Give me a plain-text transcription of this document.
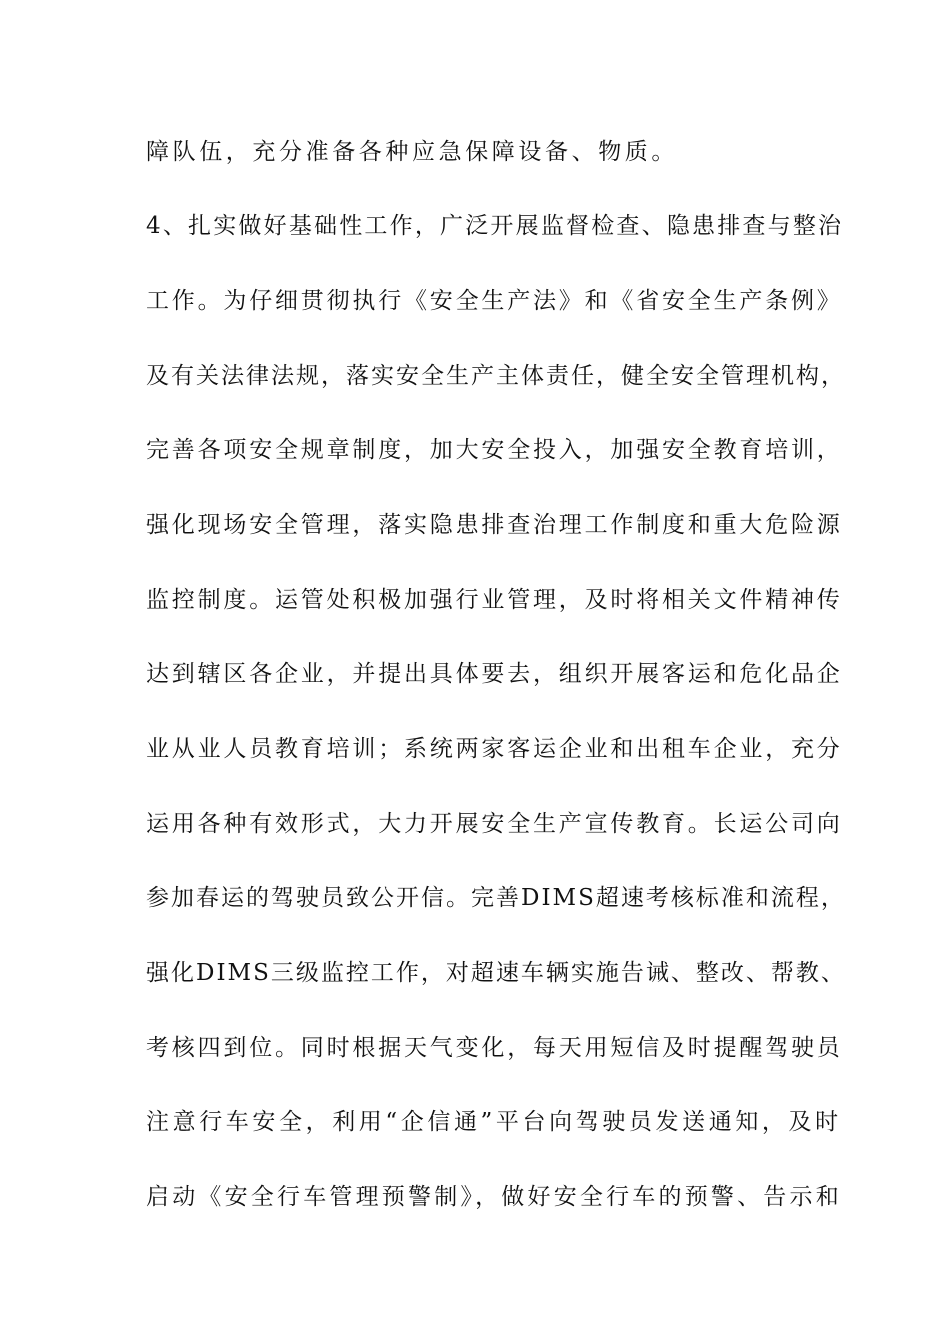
障队伍，充分准备各种应急保障设备、物质。
4、扎实做好基础性工作，广泛开展监督检查、隐患排查与整治
工作。为仔细贯彻执行《安全生产法》和《省安全生产条例》
及有关法律法规，落实安全生产主体责任，健全安全管理机构，
完善各项安全规章制度，加大安全投入，加强安全教育培训，
强化现场安全管理，落实隐患排查治理工作制度和重大危险源
监控制度。运管处积极加强行业管理，及时将相关文件精神传
达到辖区各企业，并提出具体要去，组织开展客运和危化品企
业从业人员教育培训；系统两家客运企业和出租车企业，充分
运用各种有效形式，大力开展安全生产宣传教育。长运公司向
参加春运的驾驶员致公开信。完善DIMS超速考核标准和流程，
强化DIMS三级监控工作，对超速车辆实施告诫、整改、帮教、
考核四到位。同时根据天气变化，每天用短信及时提醒驾驶员
注意行车安全，利用“企信通”平台向驾驶员发送通知，及时
启动《安全行车管理预警制》，做好安全行车的预警、告示和
